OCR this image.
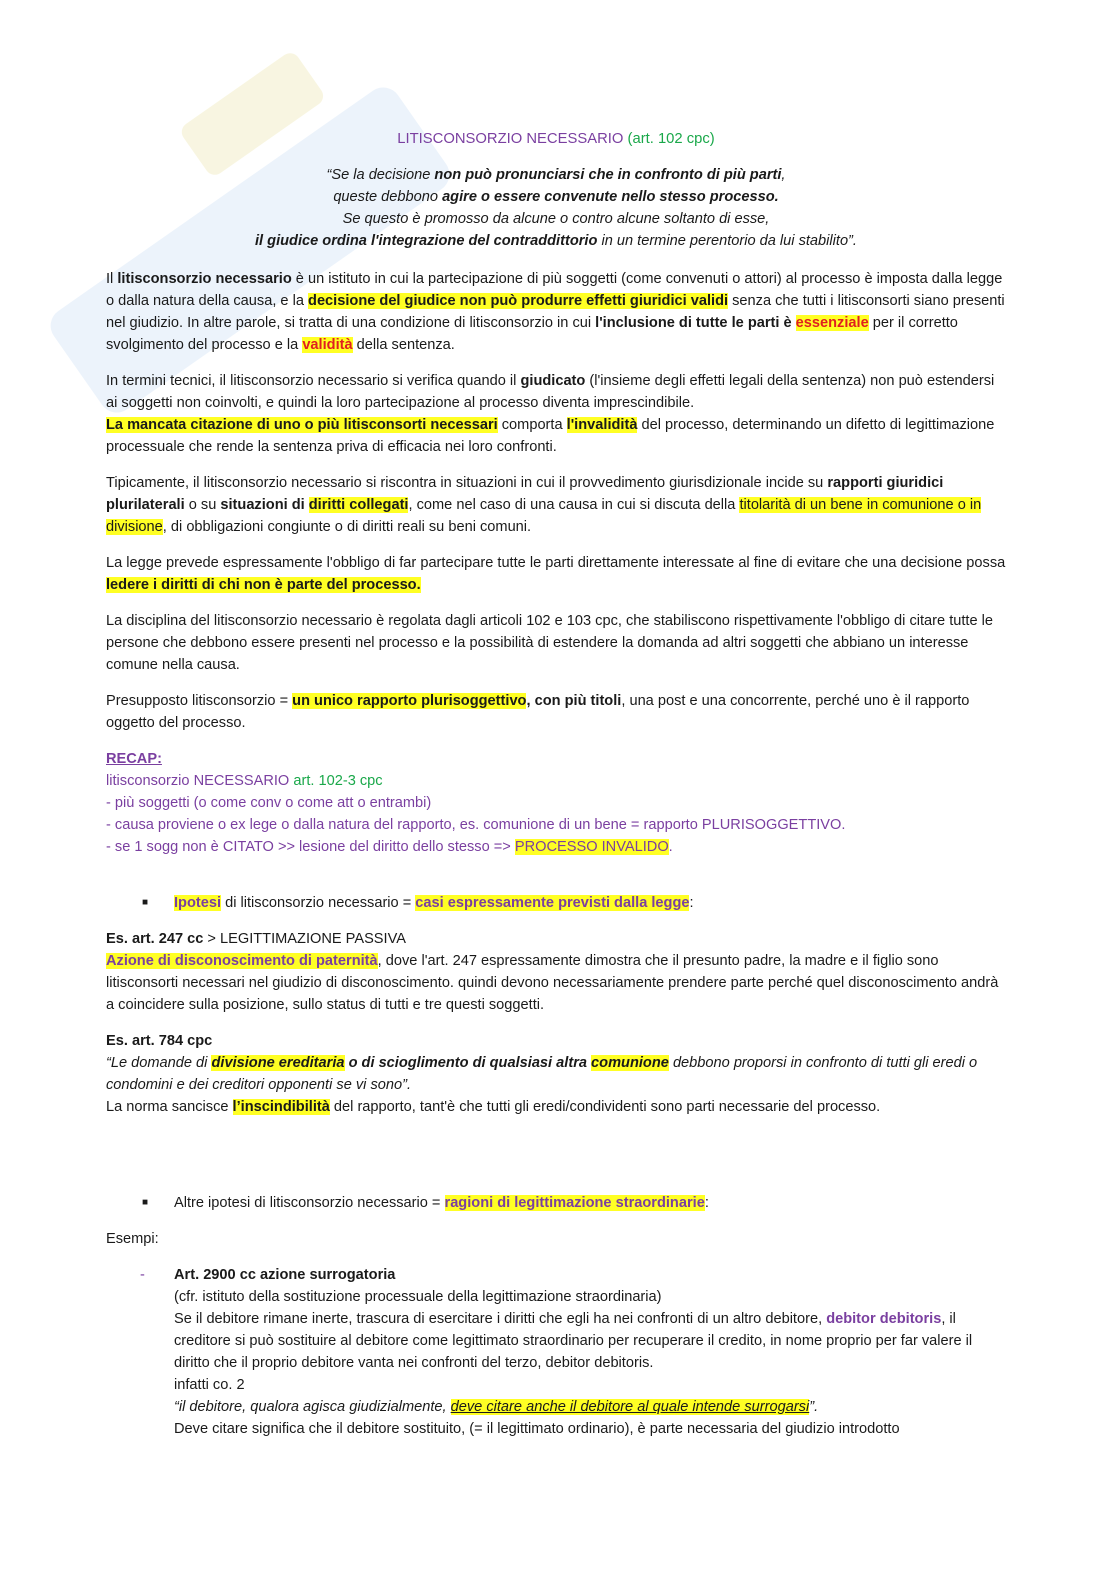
LITISCONSORZIO NECESSARIO (art. 102 cpc)
“Se la decisione non può pronunciarsi che in confronto di più parti,
queste debbono agire o essere convenute nello stesso processo.
Se questo è promosso da alcune o contro alcune soltanto di esse,
il giudice ordina l'integrazione del contraddittorio in un termine perentorio da lui stabilito”.

Il litisconsorzio necessario è un istituto in cui la partecipazione di più soggetti (come convenuti o attori) al processo è imposta dalla legge o dalla natura della causa, e la decisione del giudice non può produrre effetti giuridici validi senza che tutti i litisconsorti siano presenti nel giudizio. In altre parole, si tratta di una condizione di litisconsorzio in cui l'inclusione di tutte le parti è essenziale per il corretto svolgimento del processo e la validità della sentenza.

In termini tecnici, il litisconsorzio necessario si verifica quando il giudicato (l'insieme degli effetti legali della sentenza) non può estendersi ai soggetti non coinvolti, e quindi la loro partecipazione al processo diventa imprescindibile.
La mancata citazione di uno o più litisconsorti necessari comporta l'invalidità del processo, determinando un difetto di legittimazione processuale che rende la sentenza priva di efficacia nei loro confronti.

Tipicamente, il litisconsorzio necessario si riscontra in situazioni in cui il provvedimento giurisdizionale incide su rapporti giuridici plurilaterali o su situazioni di diritti collegati, come nel caso di una causa in cui si discuta della titolarità di un bene in comunione o in divisione, di obbligazioni congiunte o di diritti reali su beni comuni.

La legge prevede espressamente l'obbligo di far partecipare tutte le parti direttamente interessate al fine di evitare che una decisione possa ledere i diritti di chi non è parte del processo.

La disciplina del litisconsorzio necessario è regolata dagli articoli 102 e 103 cpc, che stabiliscono rispettivamente l'obbligo di citare tutte le persone che debbono essere presenti nel processo e la possibilità di estendere la domanda ad altri soggetti che abbiano un interesse comune nella causa.

Presupposto litisconsorzio = un unico rapporto plurisoggettivo, con più titoli, una post e una concorrente, perché uno è il rapporto oggetto del processo.

RECAP:
litisconsorzio NECESSARIO art. 102-3 cpc
- più soggetti (o come conv o come att o entrambi)
- causa proviene o ex lege o dalla natura del rapporto, es. comunione di un bene = rapporto PLURISOGGETTIVO.
- se 1 sogg non è CITATO >> lesione del diritto dello stesso => PROCESSO INVALIDO.
■ Ipotesi di litisconsorzio necessario = casi espressamente previsti dalla legge:

Es. art. 247 cc > LEGITTIMAZIONE PASSIVA
Azione di disconoscimento di paternità, dove l'art. 247 espressamente dimostra che il presunto padre, la madre e il figlio sono litisconsorti necessari nel giudizio di disconoscimento. quindi devono necessariamente prendere parte perché quel disconoscimento andrà a coincidere sulla posizione, sullo status di tutti e tre questi soggetti.

Es. art. 784 cpc
“Le domande di divisione ereditaria o di scioglimento di qualsiasi altra comunione debbono proporsi in confronto di tutti gli eredi o condomini e dei creditori opponenti se vi sono”.
La norma sancisce l’inscindibilità del rapporto, tant'è che tutti gli eredi/condividenti sono parti necessarie del processo.

■ Altre ipotesi di litisconsorzio necessario = ragioni di legittimazione straordinarie:

Esempi:

- Art. 2900 cc azione surrogatoria
(cfr. istituto della sostituzione processuale della legittimazione straordinaria)
Se il debitore rimane inerte, trascura di esercitare i diritti che egli ha nei confronti di un altro debitore, debitor debitoris, il creditore si può sostituire al debitore come legittimato straordinario per recuperare il credito, in nome proprio per far valere il diritto che il proprio debitore vanta nei confronti del terzo, debitor debitoris.
infatti co. 2
“il debitore, qualora agisca giudizialmente, deve citare anche il debitore al quale intende surrogarsi”.
Deve citare significa che il debitore sostituito, (= il legittimato ordinario), è parte necessaria del giudizio introdotto
